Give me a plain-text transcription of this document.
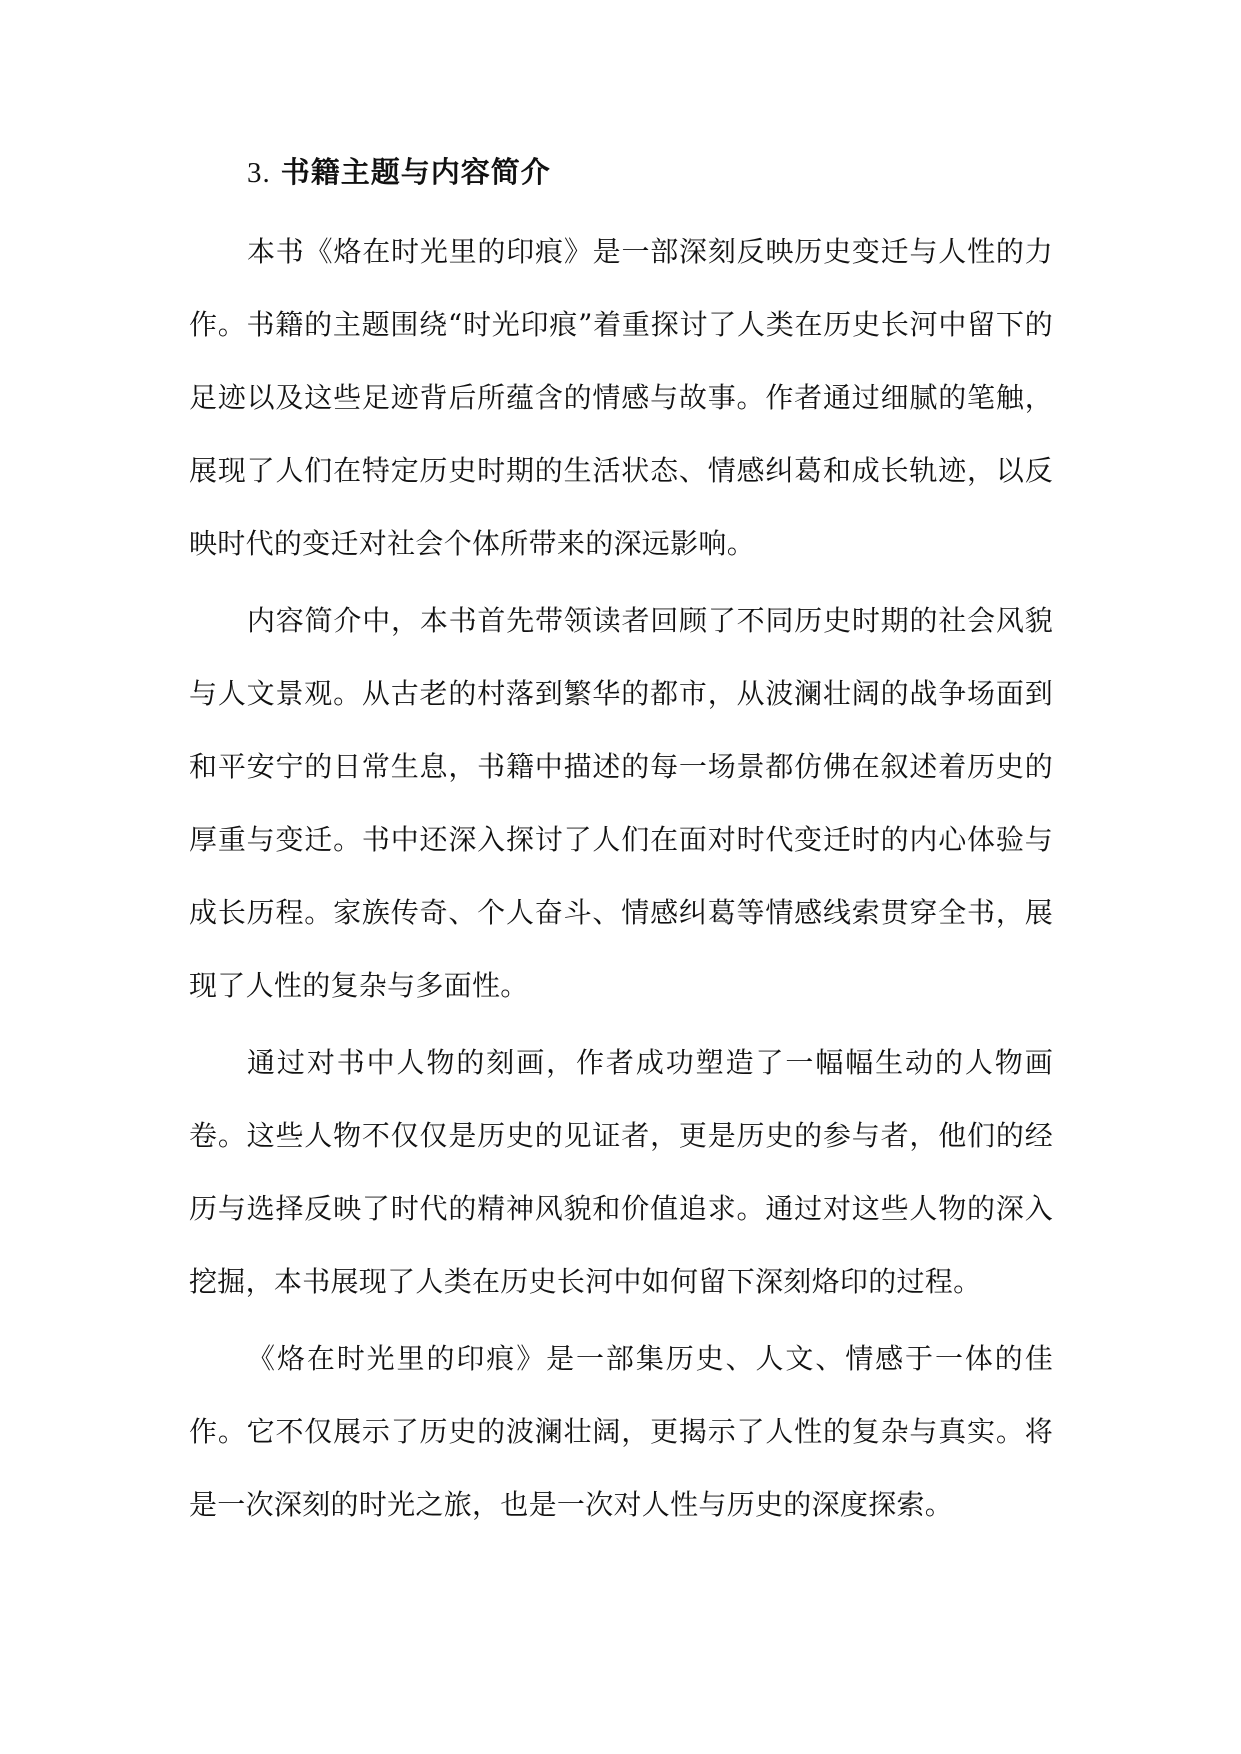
3. 书籍主题与内容简介

本书《烙在时光里的印痕》是一部深刻反映历史变迁与人性的力作。书籍的主题围绕“时光印痕”着重探讨了人类在历史长河中留下的足迹以及这些足迹背后所蕴含的情感与故事。作者通过细腻的笔触，展现了人们在特定历史时期的生活状态、情感纠葛和成长轨迹，以反映时代的变迁对社会个体所带来的深远影响。

内容简介中，本书首先带领读者回顾了不同历史时期的社会风貌与人文景观。从古老的村落到繁华的都市，从波澜壮阔的战争场面到和平安宁的日常生息，书籍中描述的每一场景都仿佛在叙述着历史的厚重与变迁。书中还深入探讨了人们在面对时代变迁时的内心体验与成长历程。家族传奇、个人奋斗、情感纠葛等情感线索贯穿全书，展现了人性的复杂与多面性。

通过对书中人物的刻画，作者成功塑造了一幅幅生动的人物画卷。这些人物不仅仅是历史的见证者，更是历史的参与者，他们的经历与选择反映了时代的精神风貌和价值追求。通过对这些人物的深入挖掘，本书展现了人类在历史长河中如何留下深刻烙印的过程。

《烙在时光里的印痕》是一部集历史、人文、情感于一体的佳作。它不仅展示了历史的波澜壮阔，更揭示了人性的复杂与真实。将是一次深刻的时光之旅，也是一次对人性与历史的深度探索。
